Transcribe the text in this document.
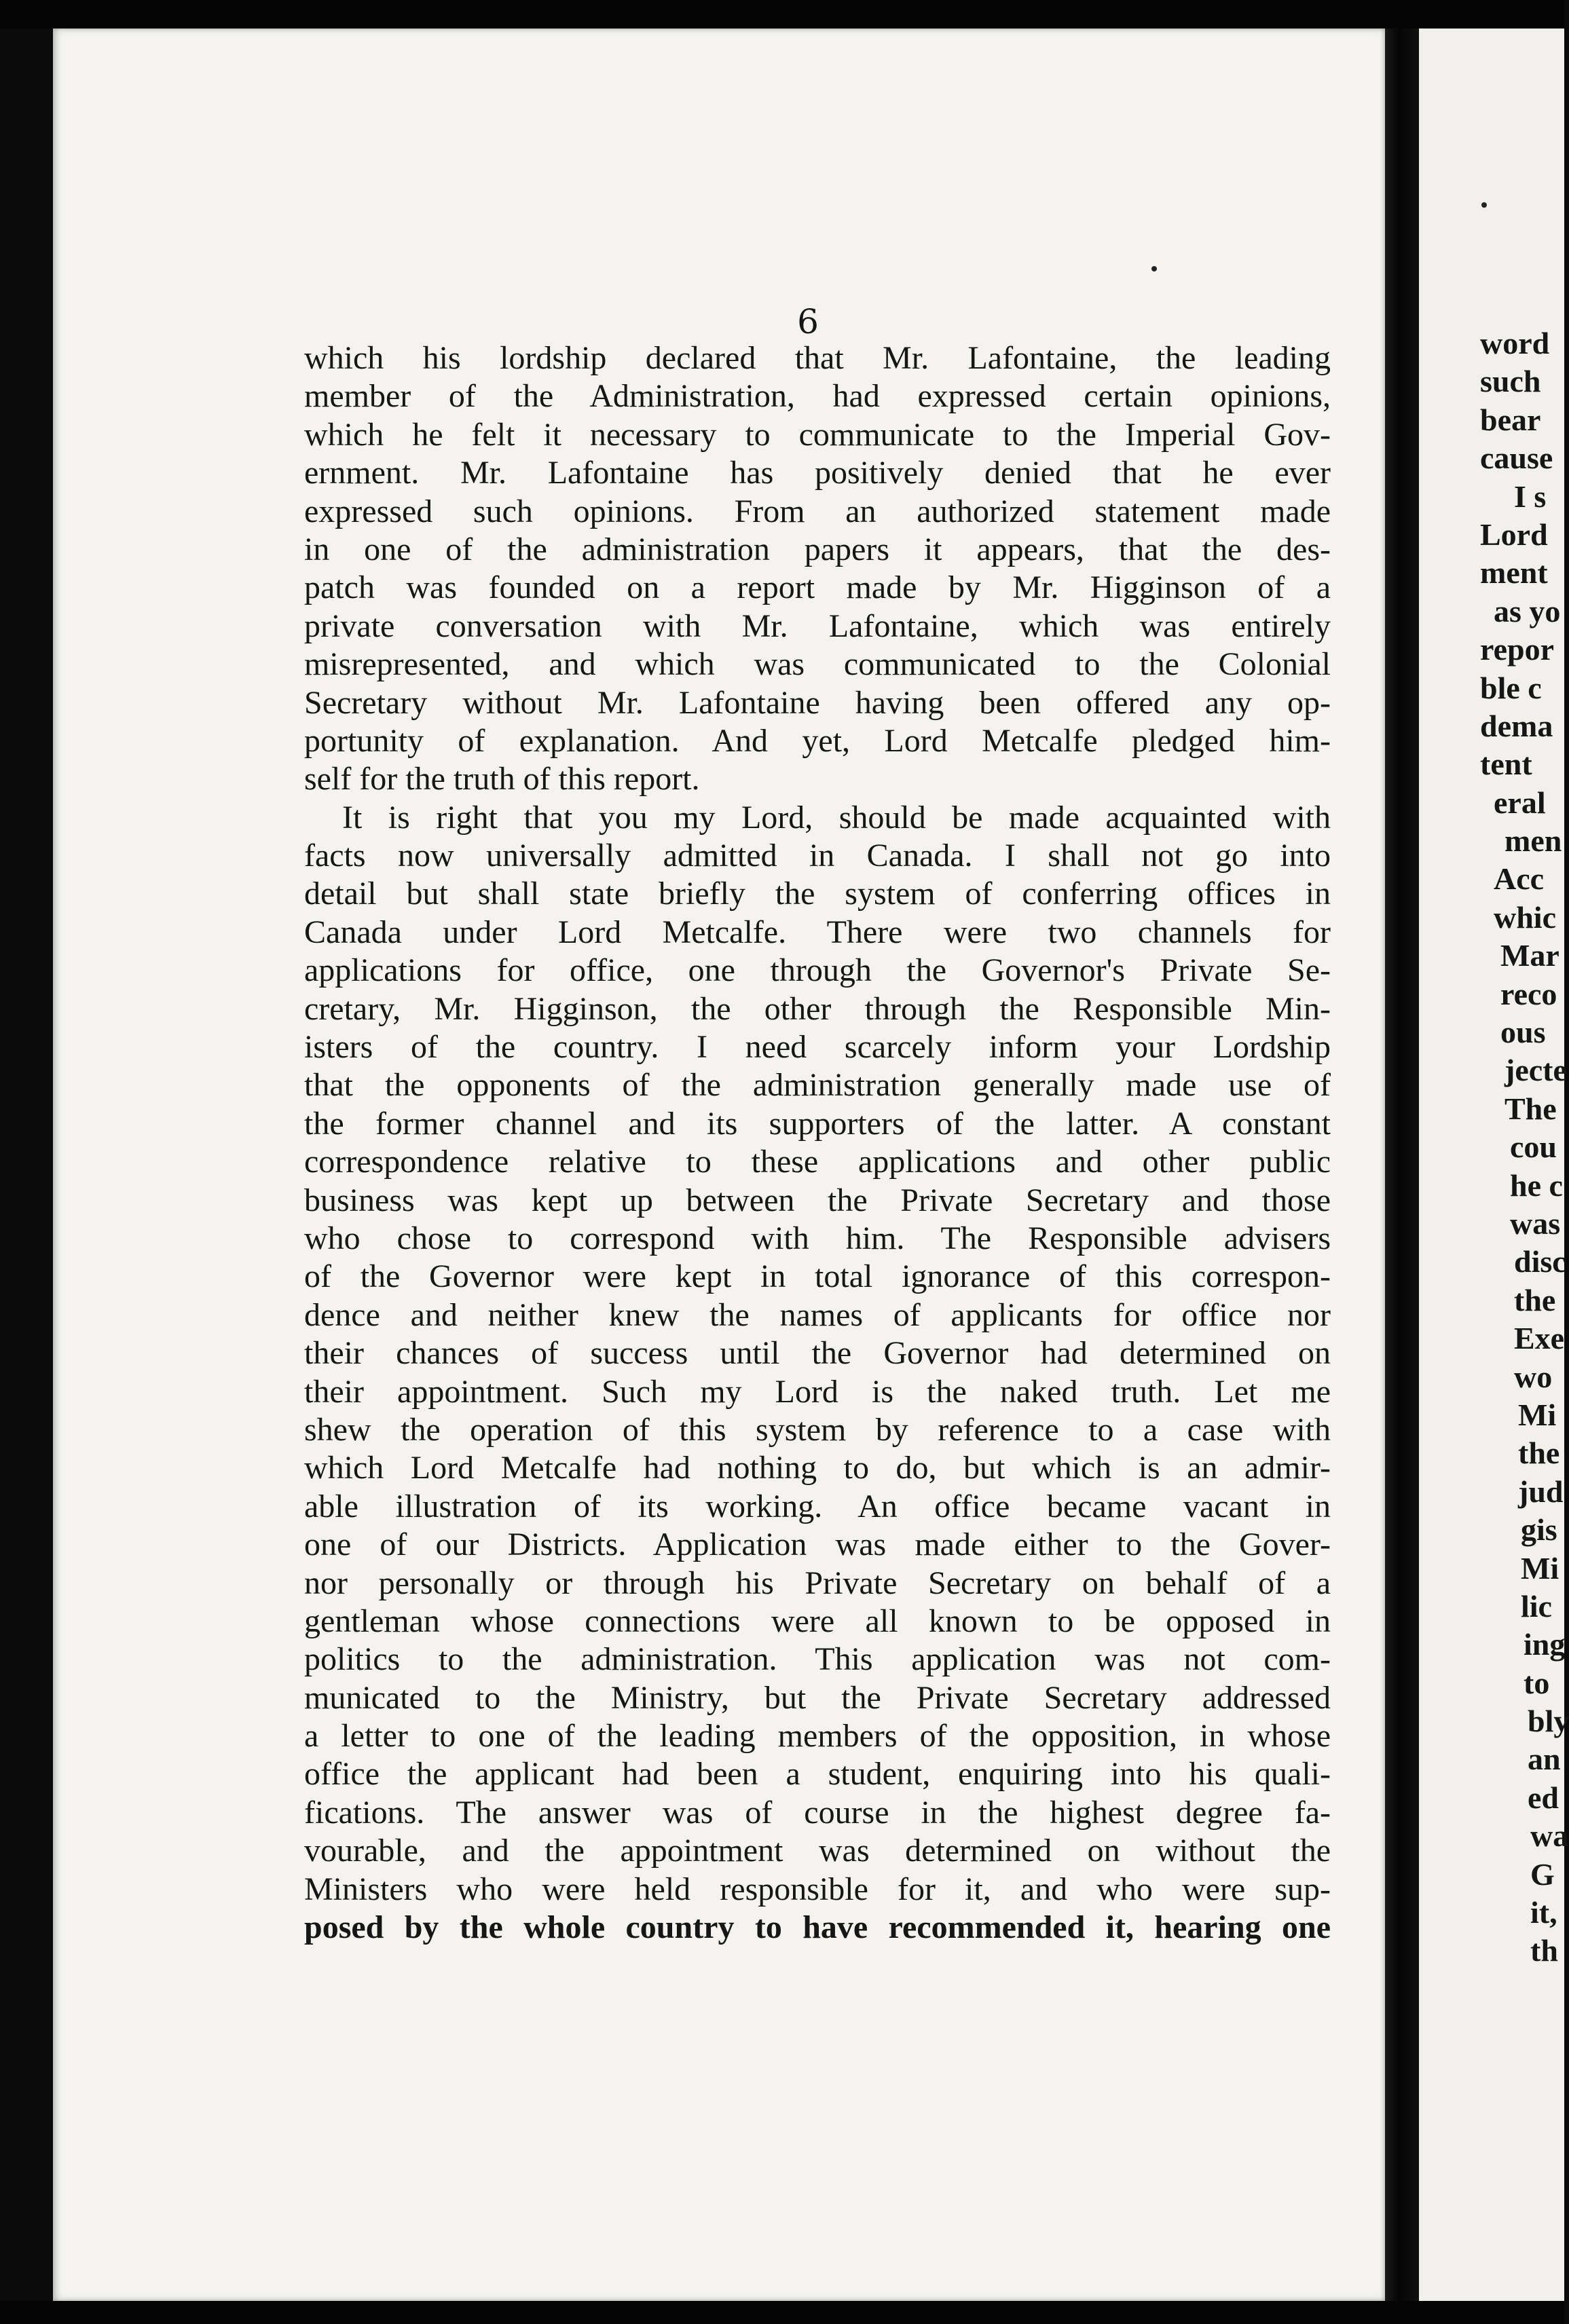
6
which his lordship declared that Mr. Lafontaine, the leading
member of the Administration, had expressed certain opinions,
which he felt it necessary to communicate to the Imperial Gov-
ernment. Mr. Lafontaine has positively denied that he ever
expressed such opinions. From an authorized statement made
in one of the administration papers it appears, that the des-
patch was founded on a report made by Mr. Higginson of a
private conversation with Mr. Lafontaine, which was entirely
misrepresented, and which was communicated to the Colonial
Secretary without Mr. Lafontaine having been offered any op-
portunity of explanation. And yet, Lord Metcalfe pledged him-
self for the truth of this report.
It is right that you my Lord, should be made acquainted with
facts now universally admitted in Canada. I shall not go into
detail but shall state briefly the system of conferring offices in
Canada under Lord Metcalfe. There were two channels for
applications for office, one through the Governor's Private Se-
cretary, Mr. Higginson, the other through the Responsible Min-
isters of the country. I need scarcely inform your Lordship
that the opponents of the administration generally made use of
the former channel and its supporters of the latter. A constant
correspondence relative to these applications and other public
business was kept up between the Private Secretary and those
who chose to correspond with him. The Responsible advisers
of the Governor were kept in total ignorance of this correspon-
dence and neither knew the names of applicants for office nor
their chances of success until the Governor had determined on
their appointment. Such my Lord is the naked truth. Let me
shew the operation of this system by reference to a case with
which Lord Metcalfe had nothing to do, but which is an admir-
able illustration of its working. An office became vacant in
one of our Districts. Application was made either to the Gover-
nor personally or through his Private Secretary on behalf of a
gentleman whose connections were all known to be opposed in
politics to the administration. This application was not com-
municated to the Ministry, but the Private Secretary addressed
a letter to one of the leading members of the opposition, in whose
office the applicant had been a student, enquiring into his quali-
fications. The answer was of course in the highest degree fa-
vourable, and the appointment was determined on without the
Ministers who were held responsible for it, and who were sup-
posed by the whole country to have recommended it, hearing one
word
such
bear
cause
I s
Lord
ment
as yo
repor
ble c
dema
tent
eral
men
Acc
whic
Mar
reco
ous
jecte
The
cou
he c
was
disc
the
Exe
wo
Mi
the
jud
gis
Mi
lic
ing
to
bly
an
ed
wa
G
it,
th
